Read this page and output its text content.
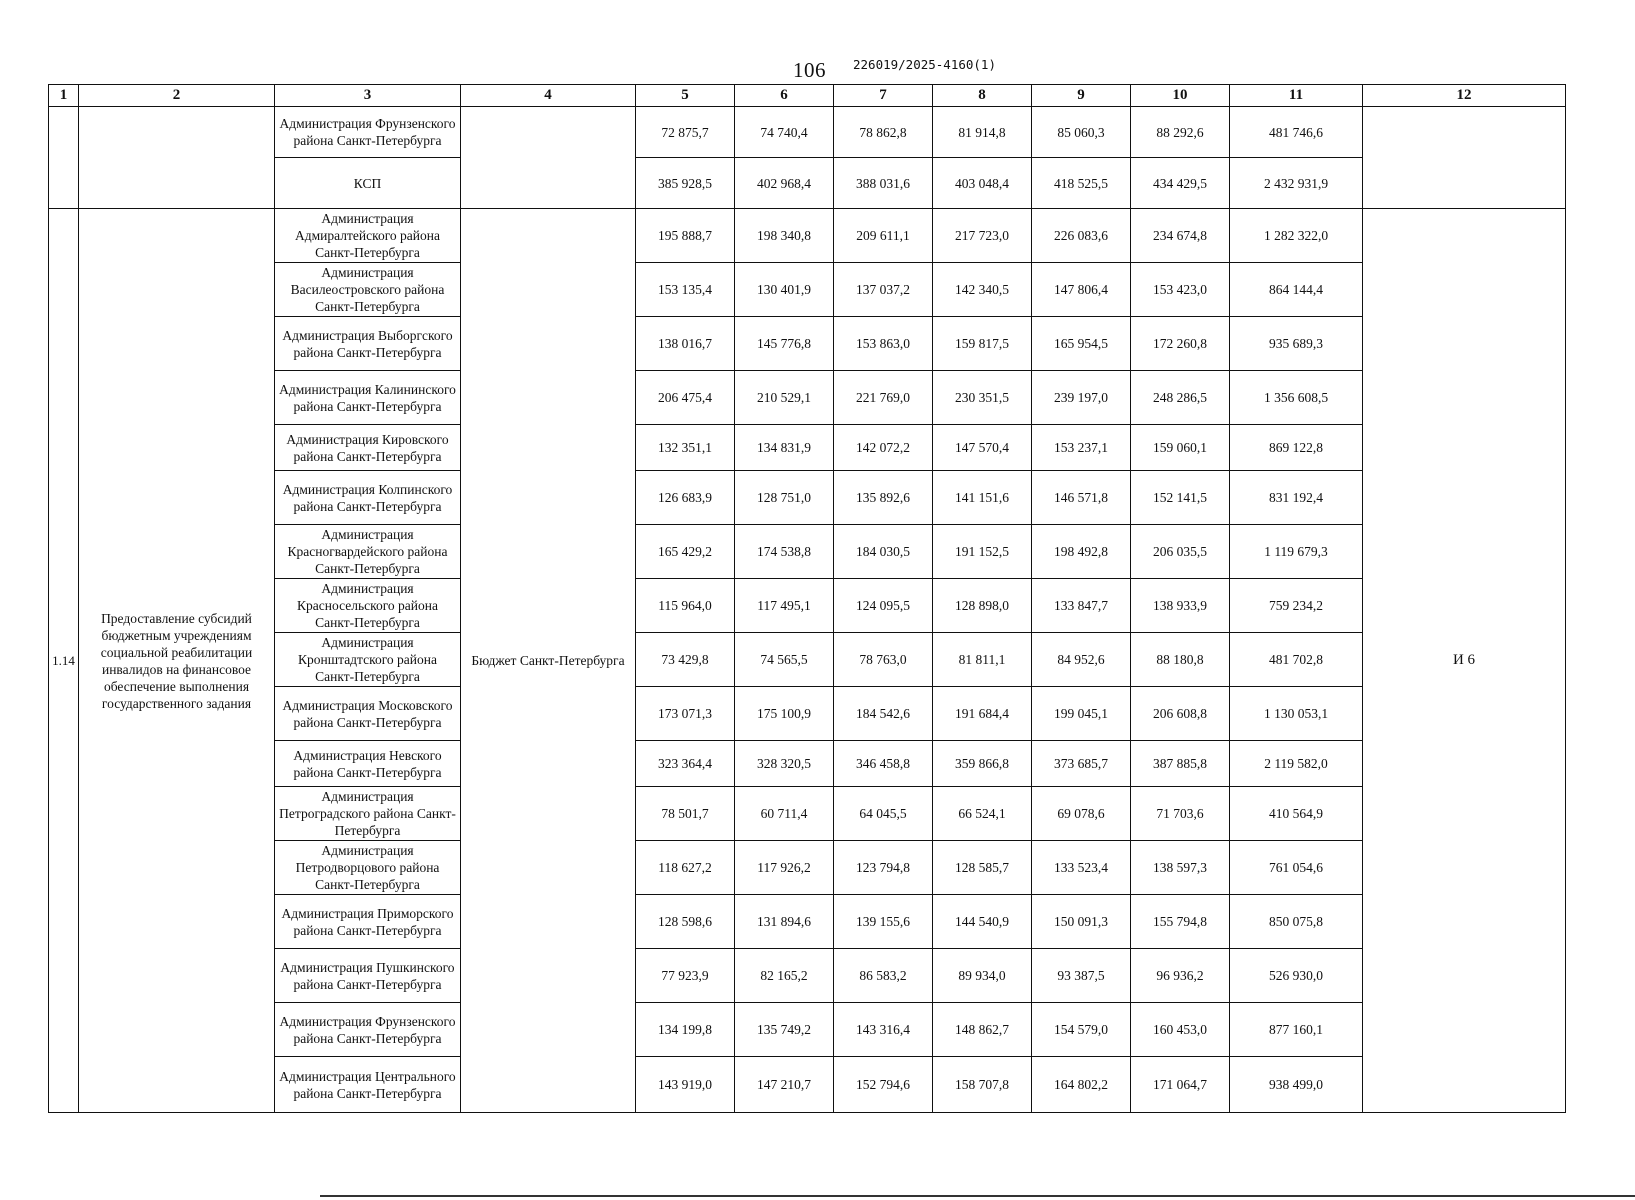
106 226019/2025-4160(1)
1	2	3	4	5	6	7	8	9	10	11	12
		Администрация Фрунзенского района Санкт-Петербурга		72 875,7	74 740,4	78 862,8	81 914,8	85 060,3	88 292,6	481 746,6	
		КСП		385 928,5	402 968,4	388 031,6	403 048,4	418 525,5	434 429,5	2 432 931,9	
1.14	Предоставление субсидий бюджетным учреждениям социальной реабилитации инвалидов на финансовое обеспечение выполнения государственного задания	Администрация Адмиралтейского района Санкт-Петербурга	Бюджет Санкт-Петербурга	195 888,7	198 340,8	209 611,1	217 723,0	226 083,6	234 674,8	1 282 322,0	И 6
		Администрация Василеостровского района Санкт-Петербурга		153 135,4	130 401,9	137 037,2	142 340,5	147 806,4	153 423,0	864 144,4	
		Администрация Выборгского района Санкт-Петербурга		138 016,7	145 776,8	153 863,0	159 817,5	165 954,5	172 260,8	935 689,3	
		Администрация Калининского района Санкт-Петербурга		206 475,4	210 529,1	221 769,0	230 351,5	239 197,0	248 286,5	1 356 608,5	
		Администрация Кировского района Санкт-Петербурга		132 351,1	134 831,9	142 072,2	147 570,4	153 237,1	159 060,1	869 122,8	
		Администрация Колпинского района Санкт-Петербурга		126 683,9	128 751,0	135 892,6	141 151,6	146 571,8	152 141,5	831 192,4	
		Администрация Красногвардейского района Санкт-Петербурга		165 429,2	174 538,8	184 030,5	191 152,5	198 492,8	206 035,5	1 119 679,3	
		Администрация Красносельского района Санкт-Петербурга		115 964,0	117 495,1	124 095,5	128 898,0	133 847,7	138 933,9	759 234,2	
		Администрация Кронштадтского района Санкт-Петербурга		73 429,8	74 565,5	78 763,0	81 811,1	84 952,6	88 180,8	481 702,8	
		Администрация Московского района Санкт-Петербурга		173 071,3	175 100,9	184 542,6	191 684,4	199 045,1	206 608,8	1 130 053,1	
		Администрация Невского района Санкт-Петербурга		323 364,4	328 320,5	346 458,8	359 866,8	373 685,7	387 885,8	2 119 582,0	
		Администрация Петроградского района Санкт-Петербурга		78 501,7	60 711,4	64 045,5	66 524,1	69 078,6	71 703,6	410 564,9	
		Администрация Петродворцового района Санкт-Петербурга		118 627,2	117 926,2	123 794,8	128 585,7	133 523,4	138 597,3	761 054,6	
		Администрация Приморского района Санкт-Петербурга		128 598,6	131 894,6	139 155,6	144 540,9	150 091,3	155 794,8	850 075,8	
		Администрация Пушкинского района Санкт-Петербурга		77 923,9	82 165,2	86 583,2	89 934,0	93 387,5	96 936,2	526 930,0	
		Администрация Фрунзенского района Санкт-Петербурга		134 199,8	135 749,2	143 316,4	148 862,7	154 579,0	160 453,0	877 160,1	
		Администрация Центрального района Санкт-Петербурга		143 919,0	147 210,7	152 794,6	158 707,8	164 802,2	171 064,7	938 499,0	
